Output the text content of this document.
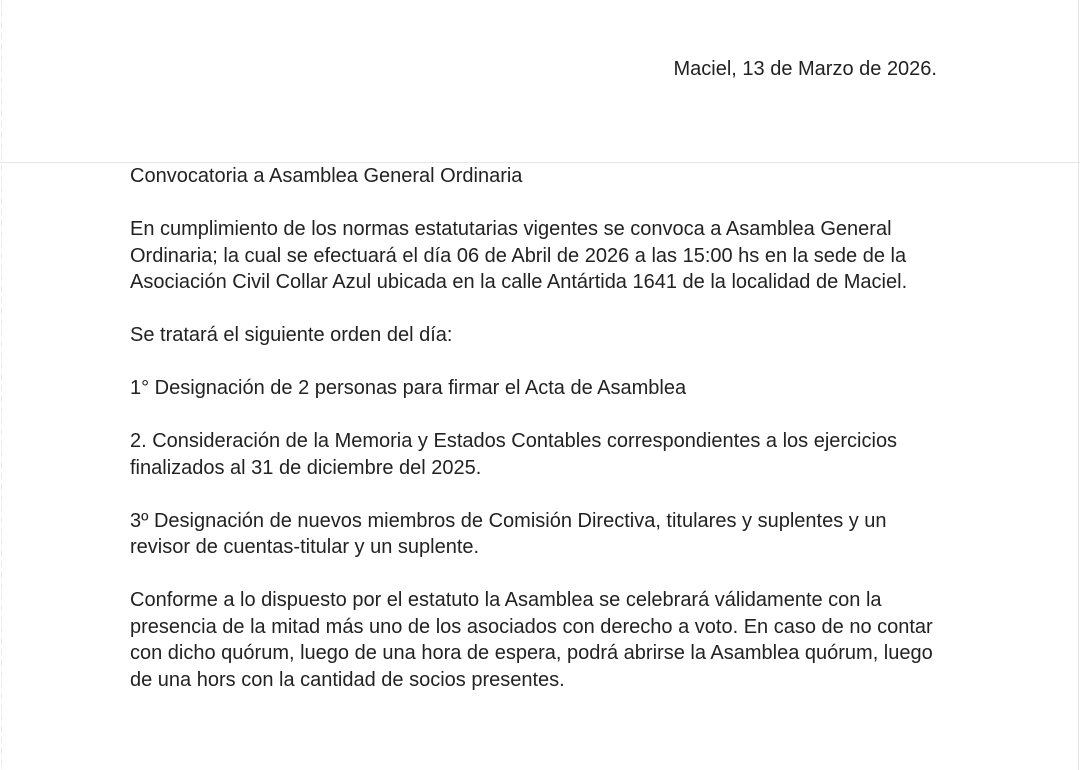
Maciel, 13 de Marzo de 2026.

Convocatoria a Asamblea General Ordinaria

En cumplimiento de los normas estatutarias vigentes se convoca a Asamblea General Ordinaria; la cual se efectuará el día 06 de Abril de 2026 a las 15:00 hs en la sede de la Asociación Civil Collar Azul ubicada en la calle Antártida 1641 de la localidad de Maciel.

Se tratará el siguiente orden del día:

1° Designación de 2 personas para firmar el Acta de Asamblea

2. Consideración de la Memoria y Estados Contables correspondientes a los ejercicios finalizados al 31 de diciembre del 2025.

3º Designación de nuevos miembros de Comisión Directiva, titulares y suplentes y un revisor de cuentas-titular y un suplente.

Conforme a lo dispuesto por el estatuto la Asamblea se celebrará válidamente con la presencia de la mitad más uno de los asociados con derecho a voto. En caso de no contar con dicho quórum, luego de una hora de espera, podrá abrirse la Asamblea quórum, luego de una hors con la cantidad de socios presentes.
